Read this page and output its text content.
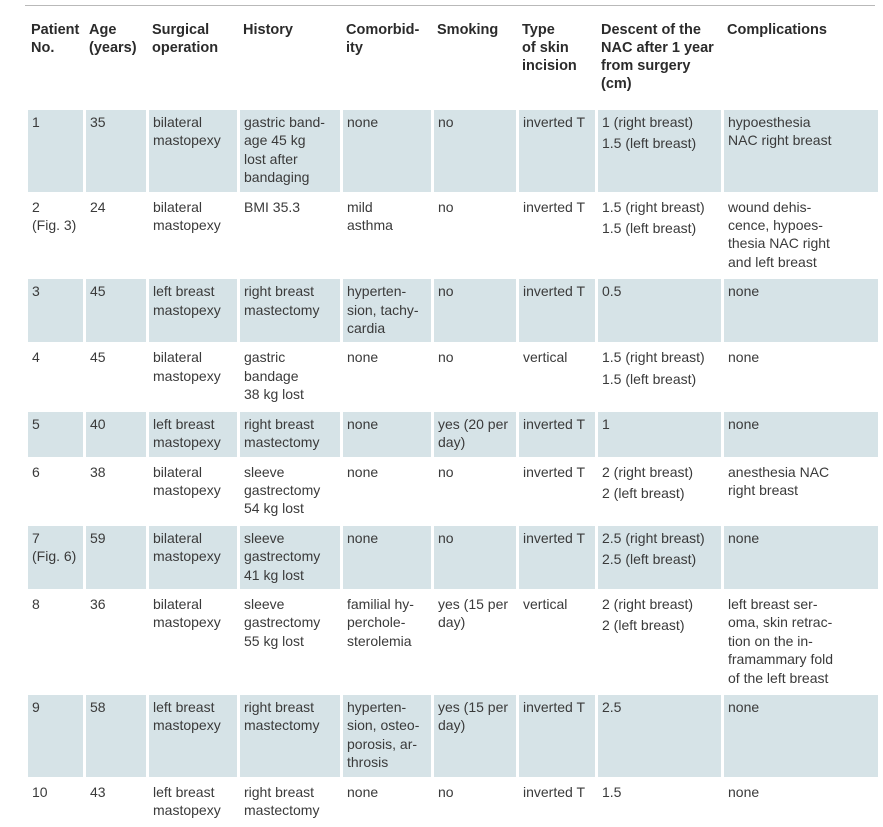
Patient
No.	Age
(years)	Surgical
operation	History	Comorbid-
ity	Smoking	Type
of skin
incision	Descent of the
NAC after 1 year
from surgery
(cm)	Complications

1	35	bilateral
mastopexy	gastric band-
age 45 kg
lost after
bandaging	none	no	inverted T	1 (right breast)
1.5 (left breast)	hypoesthesia
NAC right breast

2
(Fig. 3)	24	bilateral
mastopexy	BMI 35.3	mild
asthma	no	inverted T	1.5 (right breast)
1.5 (left breast)	wound dehis-
cence, hypoes-
thesia NAC right
and left breast

3	45	left breast
mastopexy	right breast
mastectomy	hyperten-
sion, tachy-
cardia	no	inverted T	0.5	none

4	45	bilateral
mastopexy	gastric
bandage
38 kg lost	none	no	vertical	1.5 (right breast)
1.5 (left breast)	none

5	40	left breast
mastopexy	right breast
mastectomy	none	yes (20 per
day)	inverted T	1	none

6	38	bilateral
mastopexy	sleeve
gastrectomy
54 kg lost	none	no	inverted T	2 (right breast)
2 (left breast)	anesthesia NAC
right breast

7
(Fig. 6)	59	bilateral
mastopexy	sleeve
gastrectomy
41 kg lost	none	no	inverted T	2.5 (right breast)
2.5 (left breast)	none

8	36	bilateral
mastopexy	sleeve
gastrectomy
55 kg lost	familial hy-
perchole-
sterolemia	yes (15 per
day)	vertical	2 (right breast)
2 (left breast)	left breast ser-
oma, skin retrac-
tion on the in-
framammary fold
of the left breast

9	58	left breast
mastopexy	right breast
mastectomy	hyperten-
sion, osteo-
porosis, ar-
throsis	yes (15 per
day)	inverted T	2.5	none

10	43	left breast
mastopexy	right breast
mastectomy	none	no	inverted T	1.5	none
